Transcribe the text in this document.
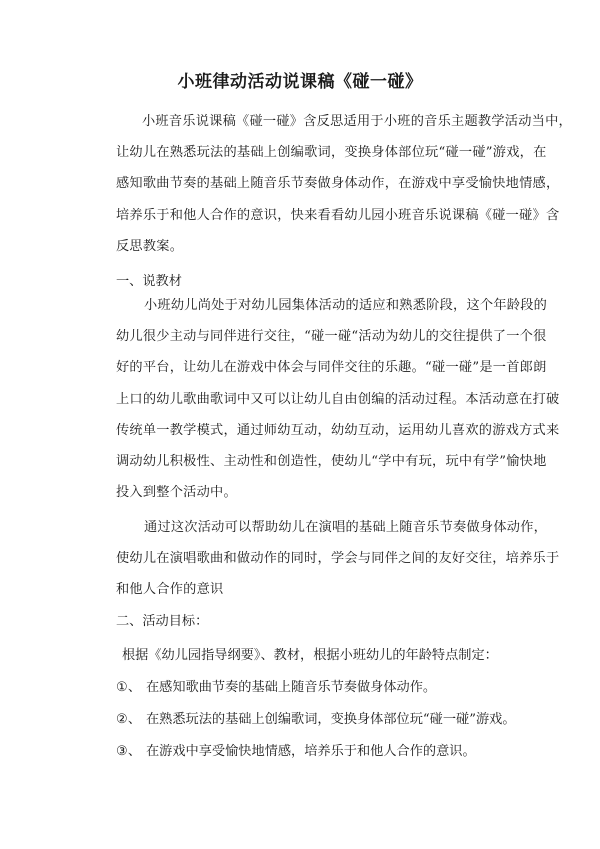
小班律动活动说课稿《碰一碰》
小班音乐说课稿《碰一碰》含反思适用于小班的音乐主题教学活动当中，
让幼儿在熟悉玩法的基础上创编歌词，变换身体部位玩“碰一碰”游戏，在
感知歌曲节奏的基础上随音乐节奏做身体动作，在游戏中享受愉快地情感，
培养乐于和他人合作的意识，快来看看幼儿园小班音乐说课稿《碰一碰》含
反思教案。
一、说教材
小班幼儿尚处于对幼儿园集体活动的适应和熟悉阶段，这个年龄段的
幼儿很少主动与同伴进行交往，“碰一碰“活动为幼儿的交往提供了一个很
好的平台，让幼儿在游戏中体会与同伴交往的乐趣。“碰一碰”是一首郎朗
上口的幼儿歌曲歌词中又可以让幼儿自由创编的活动过程。本活动意在打破
传统单一教学模式，通过师幼互动，幼幼互动，运用幼儿喜欢的游戏方式来
调动幼儿积极性、主动性和创造性，使幼儿“学中有玩，玩中有学”愉快地
投入到整个活动中。
通过这次活动可以帮助幼儿在演唱的基础上随音乐节奏做身体动作，
使幼儿在演唱歌曲和做动作的同时，学会与同伴之间的友好交往，培养乐于
和他人合作的意识
二、活动目标：
根据《幼儿园指导纲要》、教材，根据小班幼儿的年龄特点制定：
①、 在感知歌曲节奏的基础上随音乐节奏做身体动作。
②、 在熟悉玩法的基础上创编歌词，变换身体部位玩“碰一碰”游戏。
③、 在游戏中享受愉快地情感，培养乐于和他人合作的意识。
